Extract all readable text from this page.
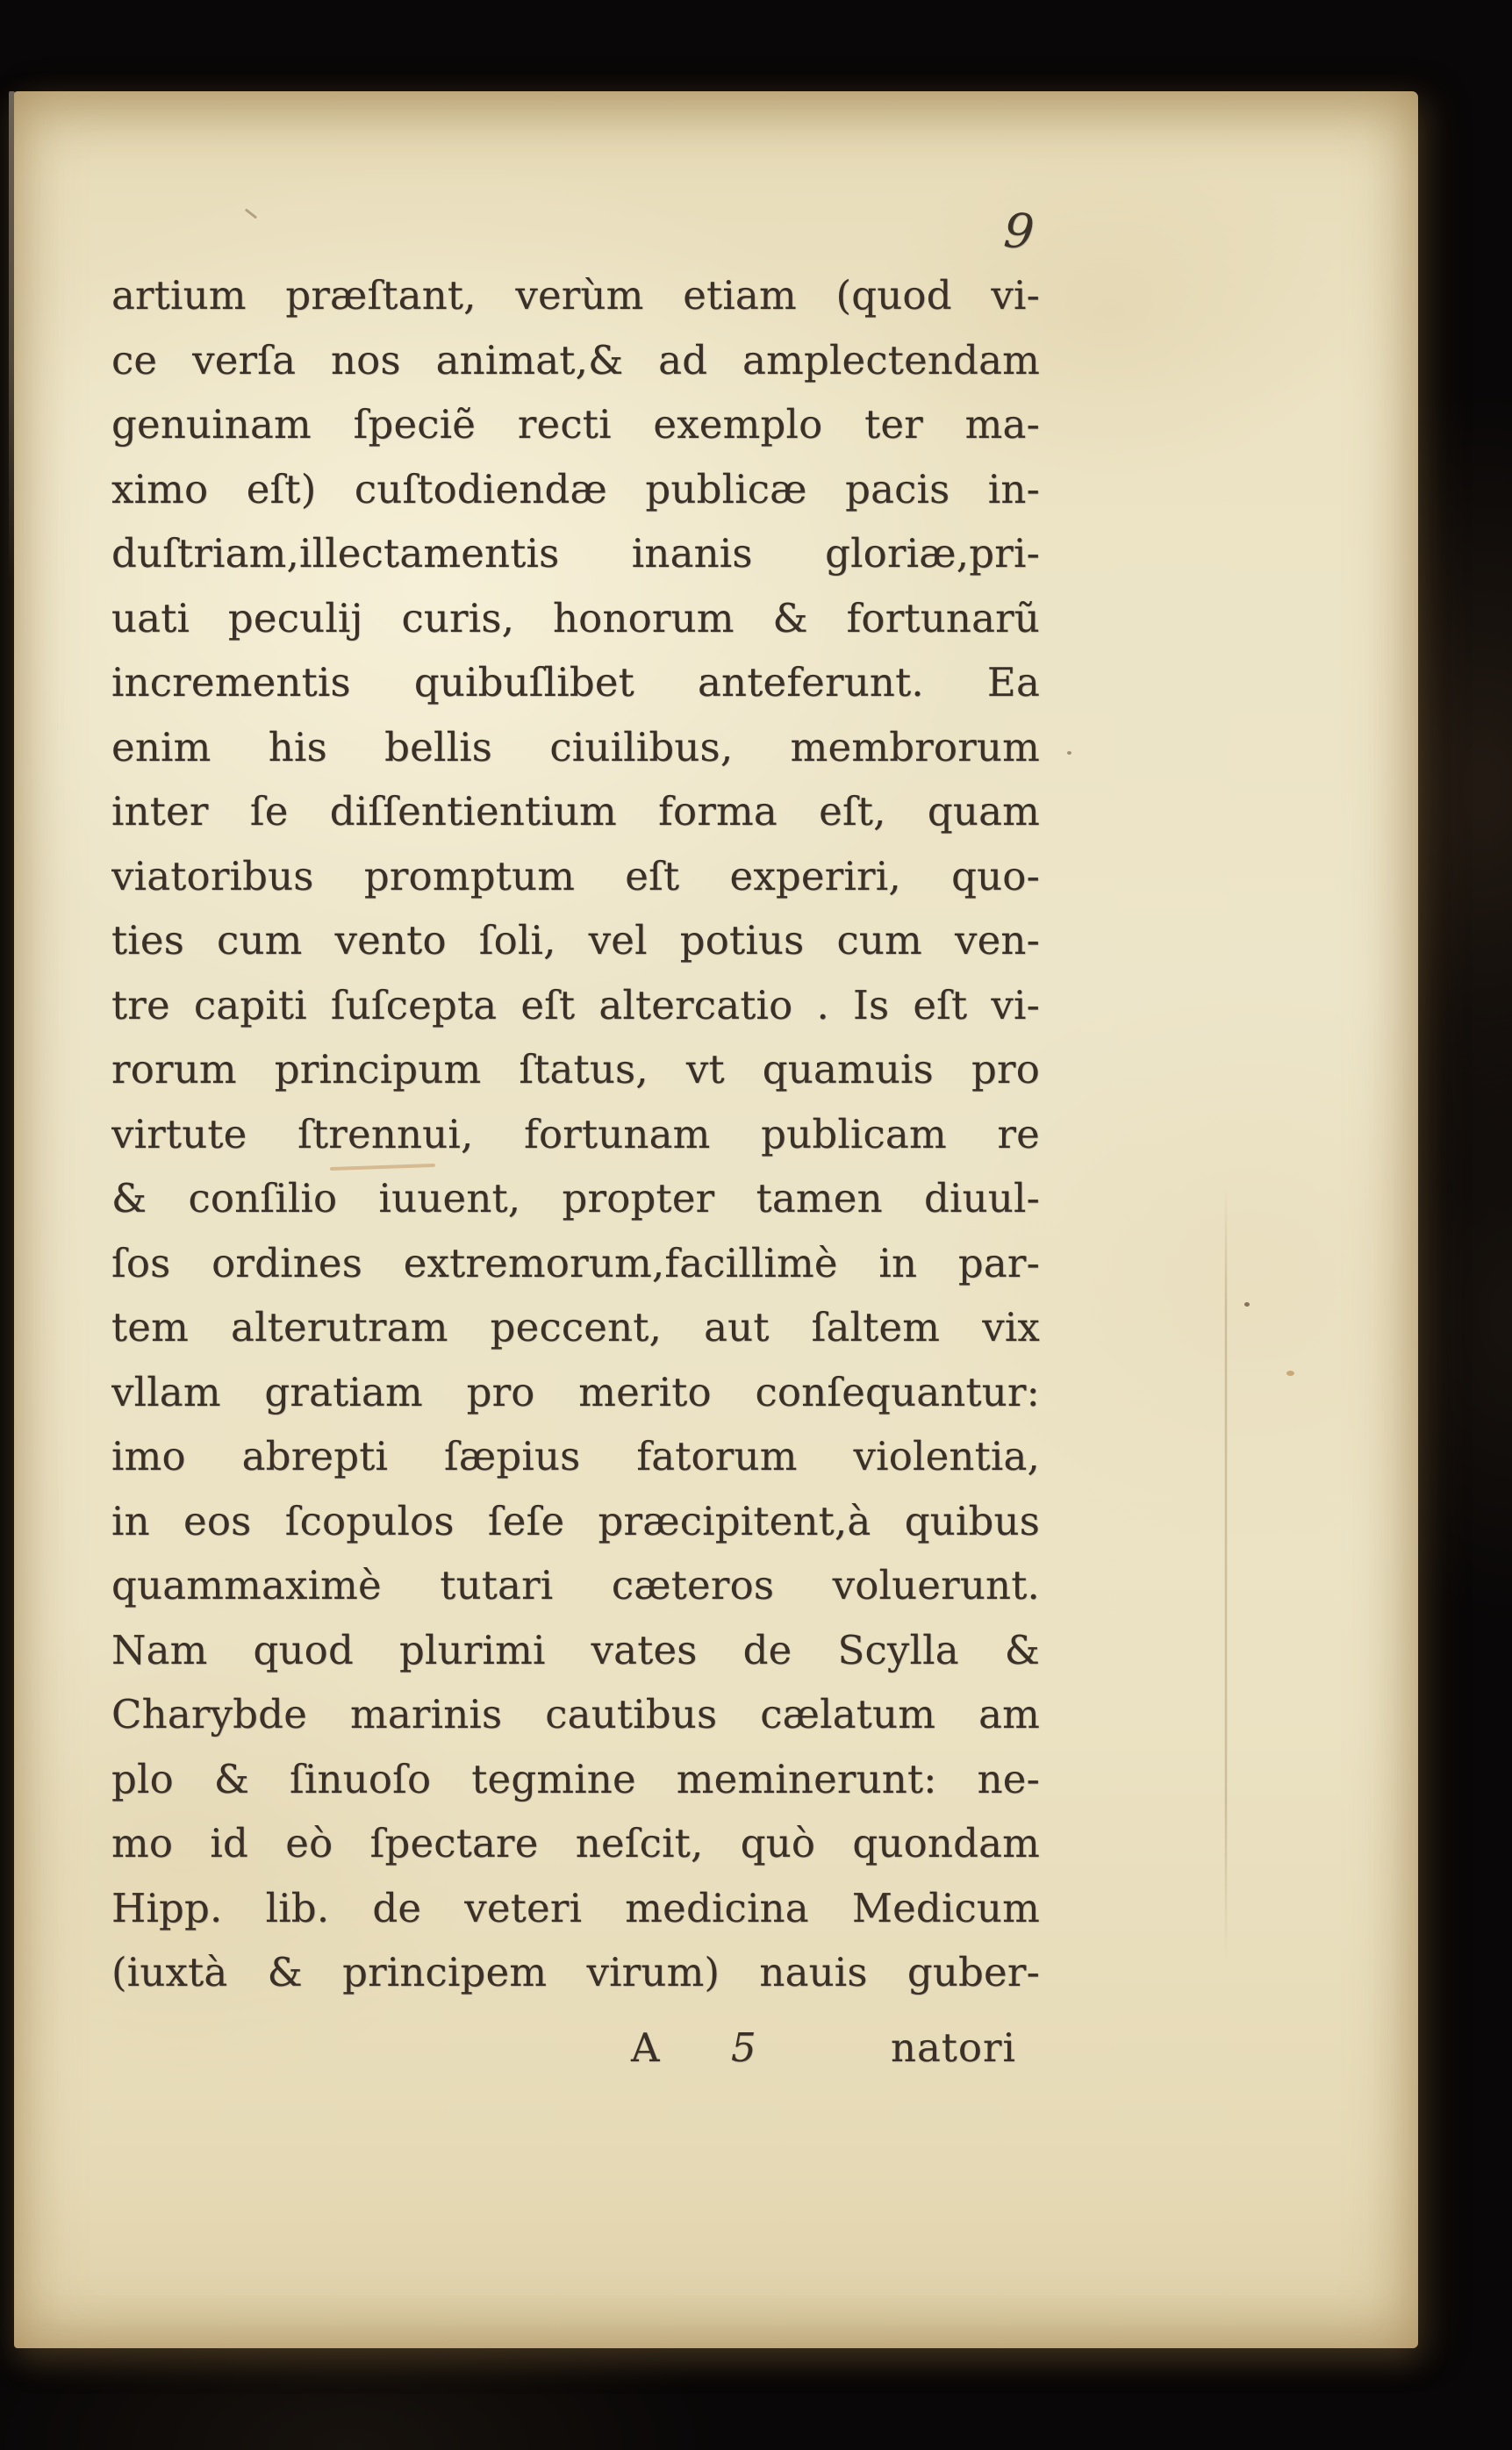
9
artium præſtant, verùm etiam (quod vi-
ce verſa nos animat,& ad amplectendam
genuinam ſpeciẽ recti exemplo ter ma-
ximo eſt) cuſtodiendæ publicæ pacis in-
duſtriam,illectamentis inanis gloriæ,pri-
uati peculij curis, honorum & fortunarũ
incrementis quibuſlibet anteferunt. Ea
enim his bellis ciuilibus, membrorum
inter ſe diſſentientium forma eſt, quam
viatoribus promptum eſt experiri, quo-
ties cum vento ſoli, vel potius cum ven-
tre capiti ſuſcepta eſt altercatio . Is eſt vi-
rorum principum ſtatus, vt quamuis pro
virtute ſtrennui, fortunam publicam re
& conſilio iuuent, propter tamen diuul-
ſos ordines extremorum,facillimè in par-
tem alterutram peccent, aut ſaltem vix
vllam gratiam pro merito conſequantur:
imo abrepti ſæpius fatorum violentia,
in eos ſcopulos ſeſe præcipitent,à quibus
quammaximè tutari cæteros voluerunt.
Nam quod plurimi vates de Scylla &
Charybde marinis cautibus cælatum am
plo & ſinuoſo tegmine meminerunt: ne-
mo id eò ſpectare neſcit, quò quondam
Hipp. lib. de veteri medicina Medicum
(iuxtà & principem virum) nauis guber-
A 5	natori
